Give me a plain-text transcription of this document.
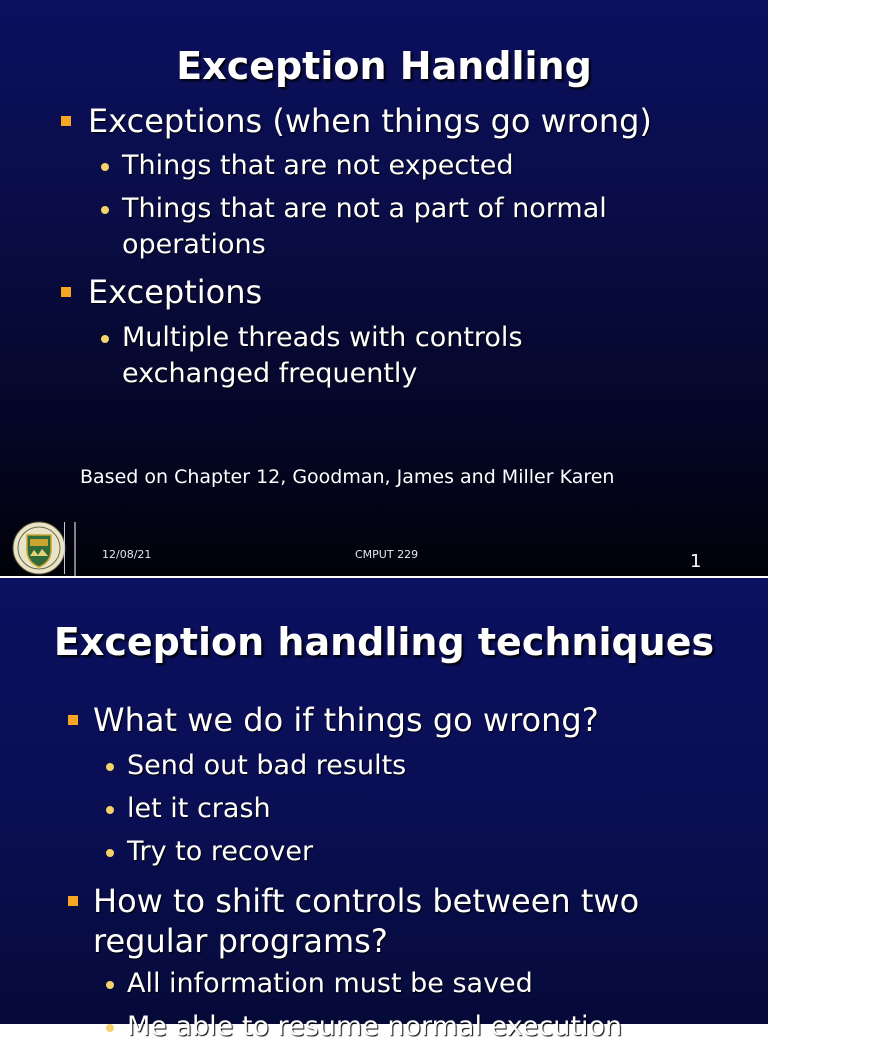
Exception Handling
Exceptions (when things go wrong)
Things that are not expected
Things that are not a part of normal
operations
Exceptions
Multiple threads with controls
exchanged frequently
Based on Chapter 12, Goodman, James and Miller Karen
12/08/21	CMPUT 229	1
Exception handling techniques
What we do if things go wrong?
Send out bad results
let it crash
Try to recover
How to shift controls between two
regular programs?
All information must be saved
Me able to resume normal execution
